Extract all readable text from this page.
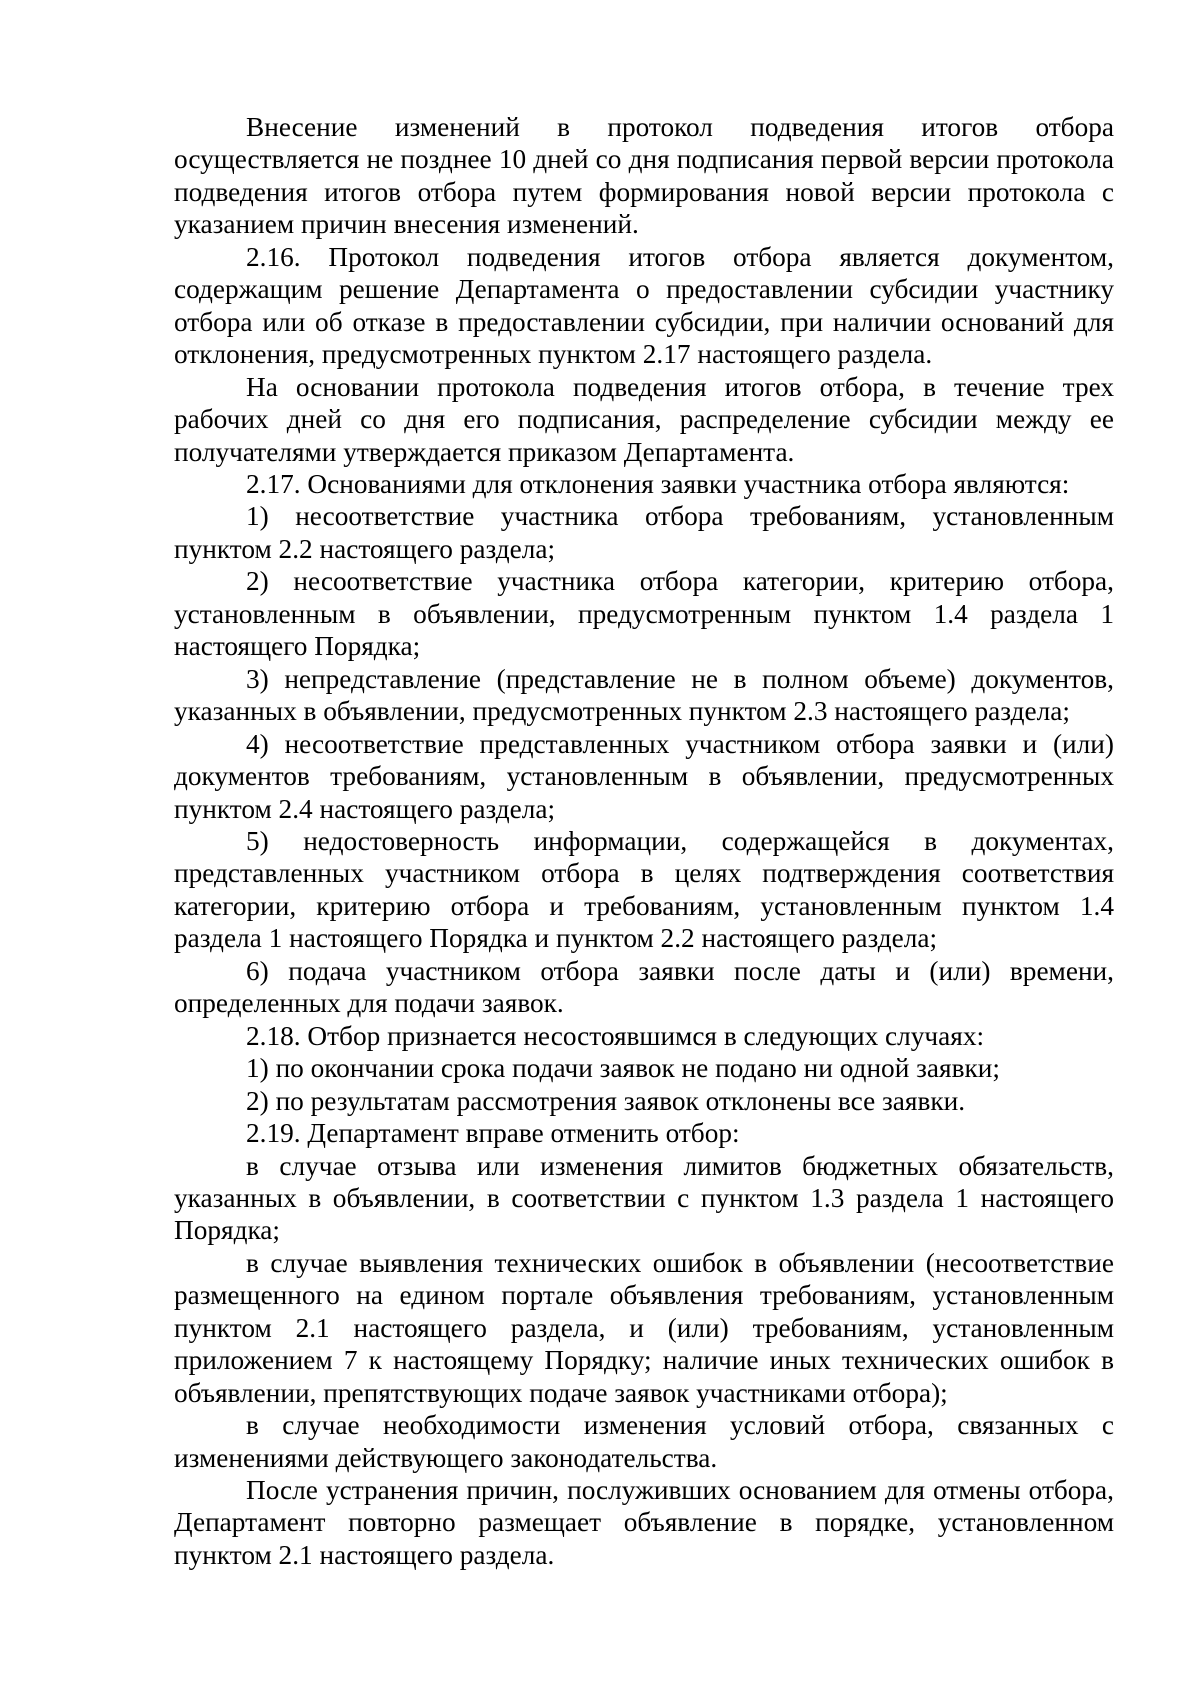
Внесение изменений в протокол подведения итогов отбора осуществляется не позднее 10 дней со дня подписания первой версии протокола подведения итогов отбора путем формирования новой версии протокола с указанием причин внесения изменений.

2.16. Протокол подведения итогов отбора является документом, содержащим решение Департамента о предоставлении субсидии участнику отбора или об отказе в предоставлении субсидии, при наличии оснований для отклонения, предусмотренных пунктом 2.17 настоящего раздела.

На основании протокола подведения итогов отбора, в течение трех рабочих дней со дня его подписания, распределение субсидии между ее получателями утверждается приказом Департамента.

2.17. Основаниями для отклонения заявки участника отбора являются:

1) несоответствие участника отбора требованиям, установленным пунктом 2.2 настоящего раздела;

2) несоответствие участника отбора категории, критерию отбора, установленным в объявлении, предусмотренным пунктом 1.4 раздела 1 настоящего Порядка;

3) непредставление (представление не в полном объеме) документов, указанных в объявлении, предусмотренных пунктом 2.3 настоящего раздела;

4) несоответствие представленных участником отбора заявки и (или) документов требованиям, установленным в объявлении, предусмотренных пунктом 2.4 настоящего раздела;

5) недостоверность информации, содержащейся в документах, представленных участником отбора в целях подтверждения соответствия категории, критерию отбора и требованиям, установленным пунктом 1.4 раздела 1 настоящего Порядка и пунктом 2.2 настоящего раздела;

6) подача участником отбора заявки после даты и (или) времени, определенных для подачи заявок.

2.18. Отбор признается несостоявшимся в следующих случаях:

1) по окончании срока подачи заявок не подано ни одной заявки;

2) по результатам рассмотрения заявок отклонены все заявки.

2.19. Департамент вправе отменить отбор:

в случае отзыва или изменения лимитов бюджетных обязательств, указанных в объявлении, в соответствии с пунктом 1.3 раздела 1 настоящего Порядка;

в случае выявления технических ошибок в объявлении (несоответствие размещенного на едином портале объявления требованиям, установленным пунктом 2.1 настоящего раздела, и (или) требованиям, установленным приложением 7 к настоящему Порядку; наличие иных технических ошибок в объявлении, препятствующих подаче заявок участниками отбора);

в случае необходимости изменения условий отбора, связанных с изменениями действующего законодательства.

После устранения причин, послуживших основанием для отмены отбора, Департамент повторно размещает объявление в порядке, установленном пунктом 2.1 настоящего раздела.
